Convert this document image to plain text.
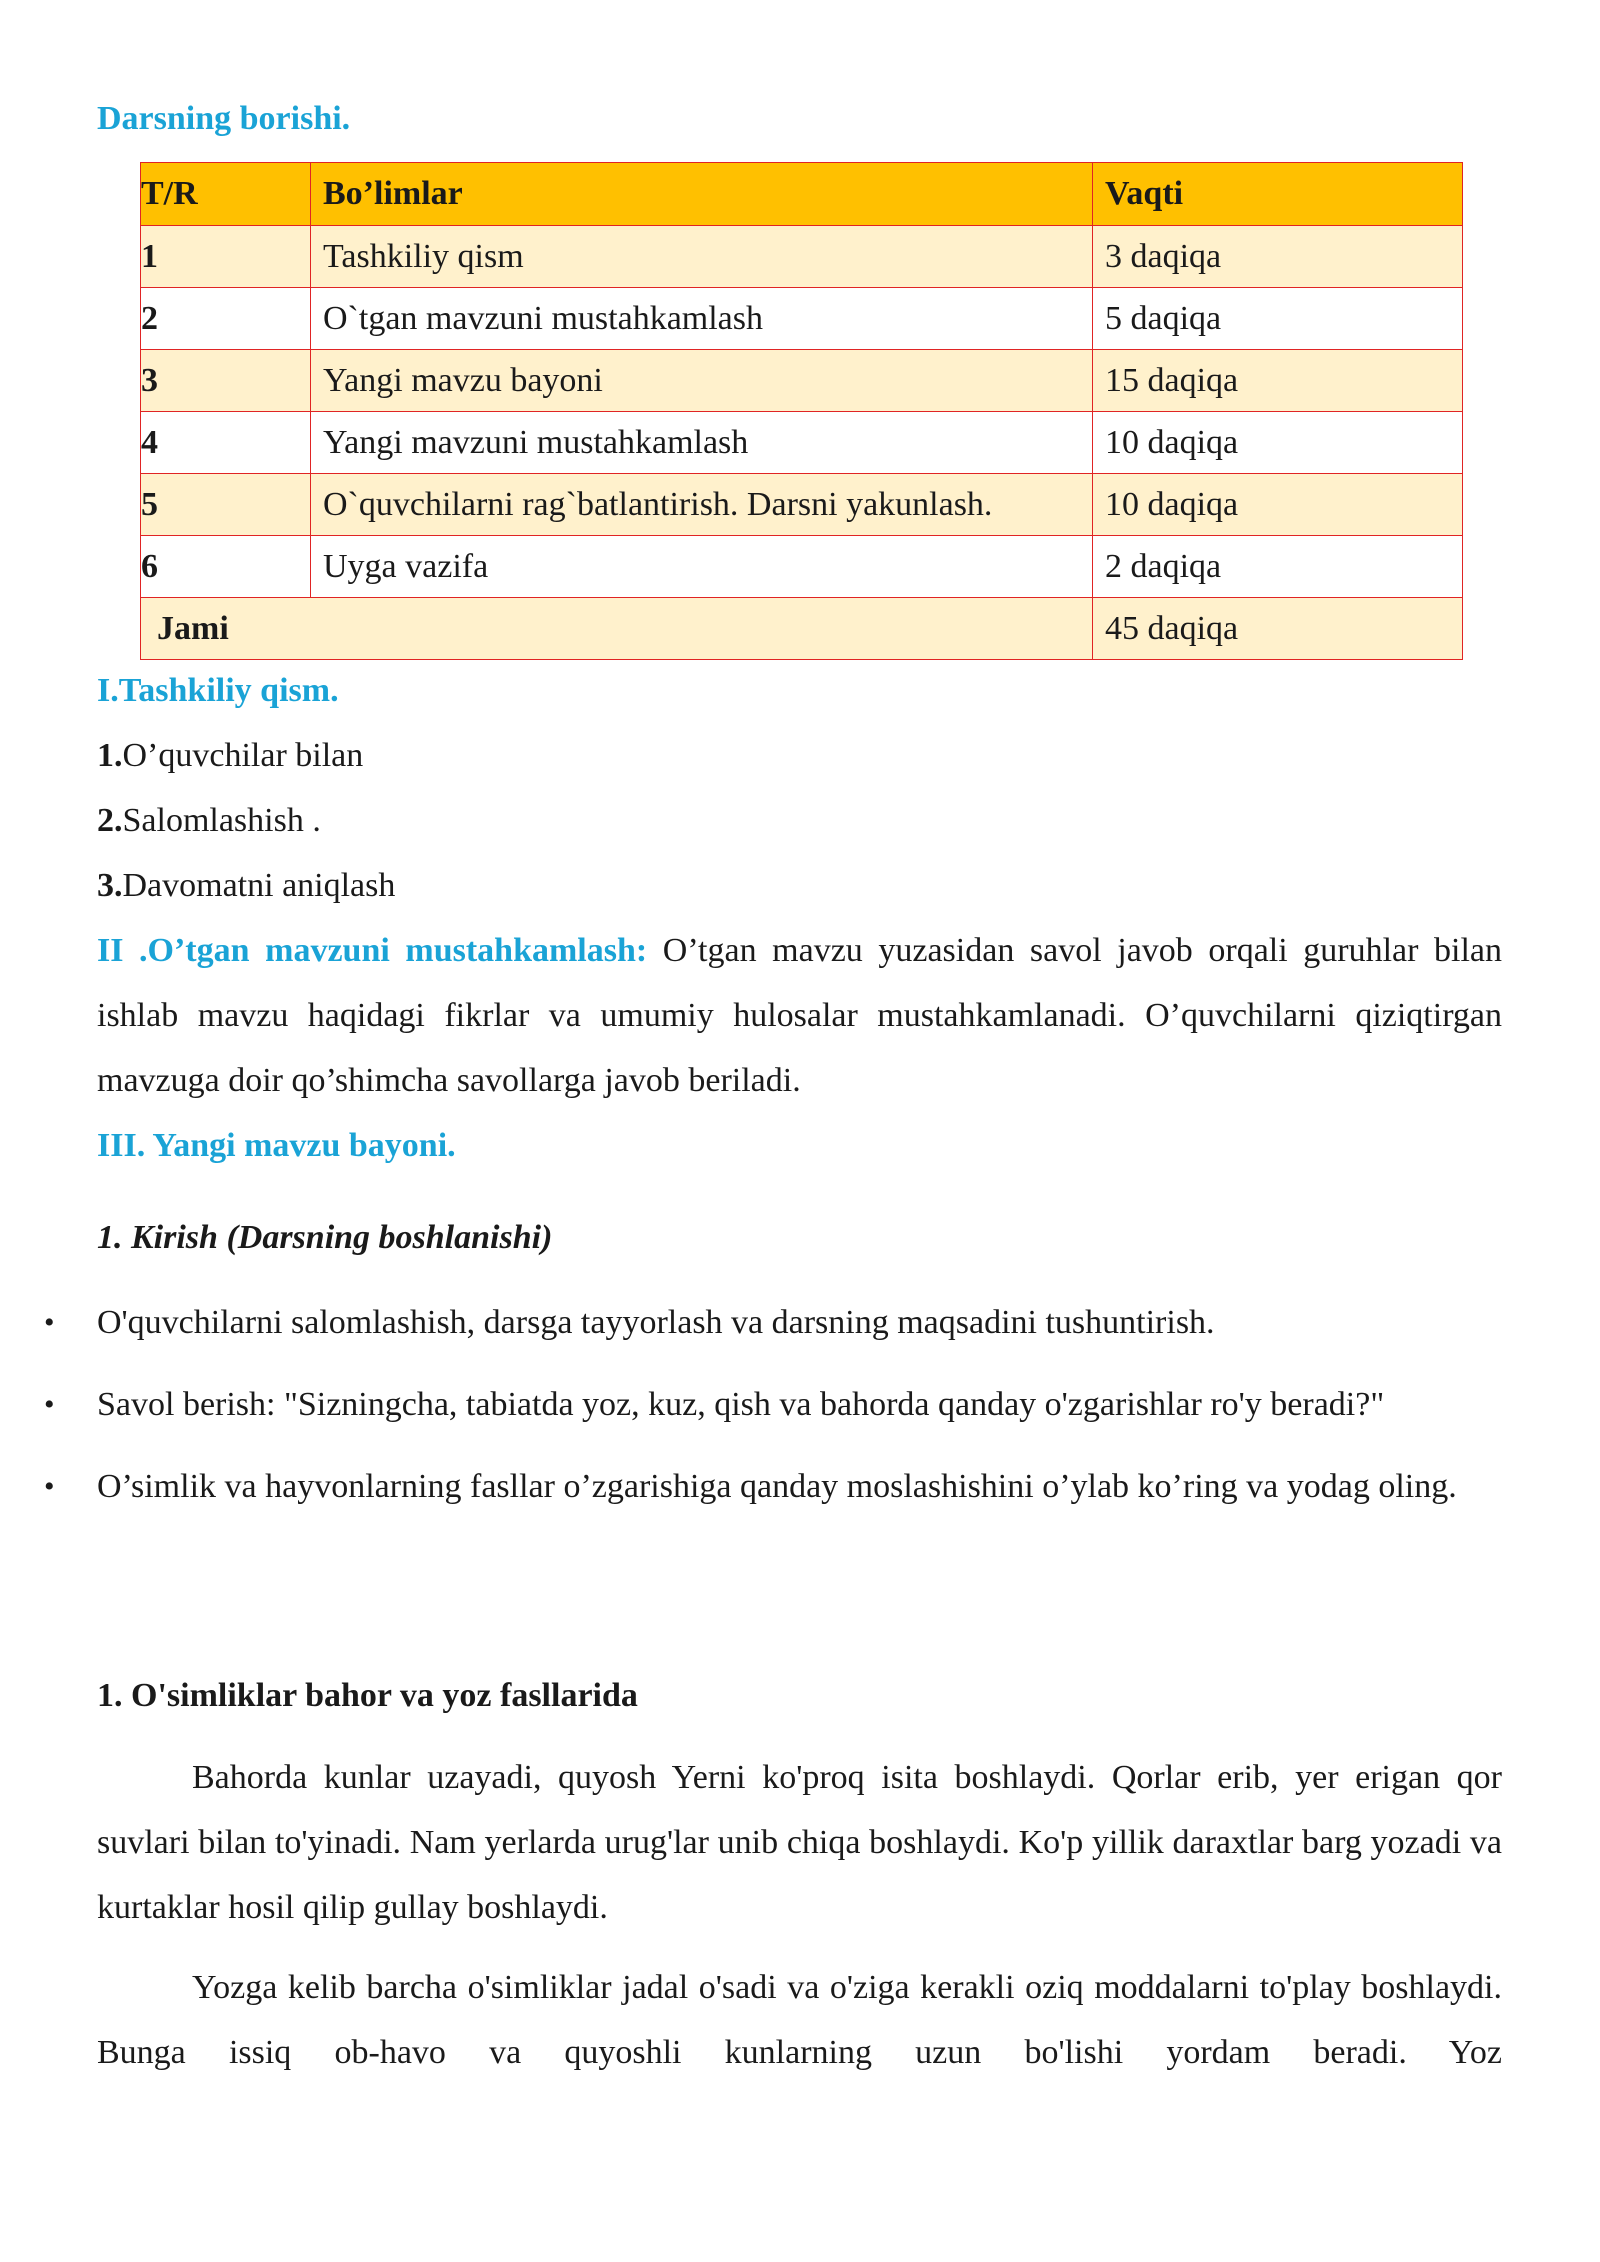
Darsning borishi.

T/R	Bo’limlar	Vaqti
1	Tashkiliy qism	3 daqiqa
2	O`tgan mavzuni mustahkamlash	5 daqiqa
3	Yangi mavzu bayoni	15 daqiqa
4	Yangi mavzuni mustahkamlash	10 daqiqa
5	O`quvchilarni rag`batlantirish. Darsni yakunlash.	10 daqiqa
6	Uyga vazifa	2 daqiqa
Jami		45 daqiqa

I.Tashkiliy qism.

1.O’quvchilar bilan

2.Salomlashish .

3.Davomatni aniqlash

II .O’tgan mavzuni mustahkamlash: O’tgan mavzu yuzasidan savol javob orqali guruhlar bilan ishlab mavzu haqidagi fikrlar va umumiy hulosalar mustahkamlanadi. O’quvchilarni qiziqtirgan mavzuga doir qo’shimcha savollarga javob beriladi.

III. Yangi mavzu bayoni.

1. Kirish (Darsning boshlanishi)

• O'quvchilarni salomlashish, darsga tayyorlash va darsning maqsadini tushuntirish.
• Savol berish: "Sizningcha, tabiatda yoz, kuz, qish va bahorda qanday o'zgarishlar ro'y beradi?"
• O’simlik va hayvonlarning fasllar o’zgarishiga qanday moslashishini o’ylab ko’ring va yodag oling.

1. O'simliklar bahor va yoz fasllarida

Bahorda kunlar uzayadi, quyosh Yerni ko'proq isita boshlaydi. Qorlar erib, yer erigan qor suvlari bilan to'yinadi. Nam yerlarda urug'lar unib chiqa boshlaydi. Ko'p yillik daraxtlar barg yozadi va kurtaklar hosil qilip gullay boshlaydi.

Yozga kelib barcha o'simliklar jadal o'sadi va o'ziga kerakli oziq moddalarni to'play boshlaydi. Bunga issiq ob-havo va quyoshli kunlarning uzun bo'lishi yordam beradi. Yoz
